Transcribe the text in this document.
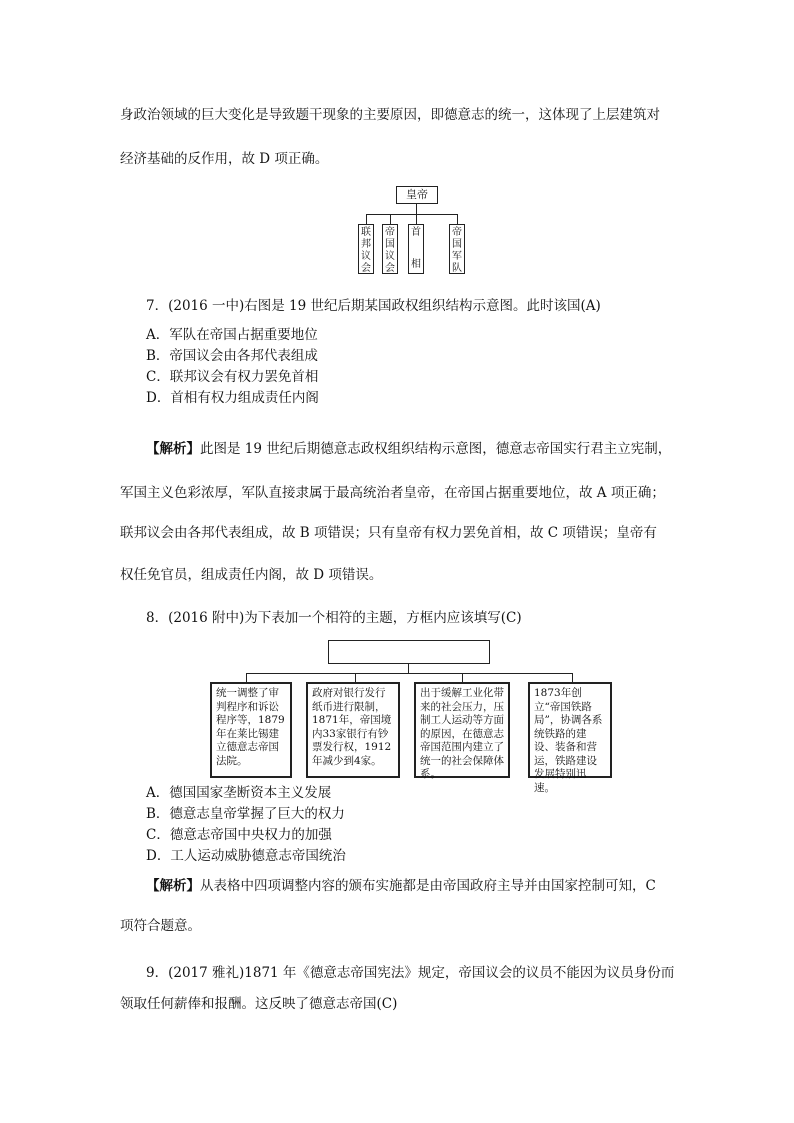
身政治领域的巨大变化是导致题干现象的主要原因，即德意志的统一，这体现了上层建筑对
经济基础的反作用，故 D 项正确。
皇帝
联
邦
议
会
帝
国
议
会
首
相
帝
国
军
队
7．(2016 一中)右图是 19 世纪后期某国政权组织结构示意图。此时该国(A)
A．军队在帝国占据重要地位
B．帝国议会由各邦代表组成
C．联邦议会有权力罢免首相
D．首相有权力组成责任内阁
【解析】此图是 19 世纪后期德意志政权组织结构示意图，德意志帝国实行君主立宪制，
军国主义色彩浓厚，军队直接隶属于最高统治者皇帝，在帝国占据重要地位，故 A 项正确；
联邦议会由各邦代表组成，故 B 项错误；只有皇帝有权力罢免首相，故 C 项错误；皇帝有
权任免官员，组成责任内阁，故 D 项错误。
8．(2016 附中)为下表加一个相符的主题，方框内应该填写(C)
统一调整了审判程序和诉讼程序等，1879年在莱比锡建立德意志帝国法院。
政府对银行发行纸币进行限制，1871年，帝国境内33家银行有钞票发行权，1912年减少到4家。
出于缓解工业化带来的社会压力，压制工人运动等方面的原因，在德意志帝国范围内建立了统一的社会保障体系。
1873年创立“帝国铁路局”，协调各系统铁路的建设、装备和营运，铁路建设发展特别迅速。
A．德国国家垄断资本主义发展
B．德意志皇帝掌握了巨大的权力
C．德意志帝国中央权力的加强
D．工人运动威胁德意志帝国统治
【解析】从表格中四项调整内容的颁布实施都是由帝国政府主导并由国家控制可知，C
项符合题意。
9．(2017 雅礼)1871 年《德意志帝国宪法》规定，帝国议会的议员不能因为议员身份而
领取任何薪俸和报酬。这反映了德意志帝国(C)
